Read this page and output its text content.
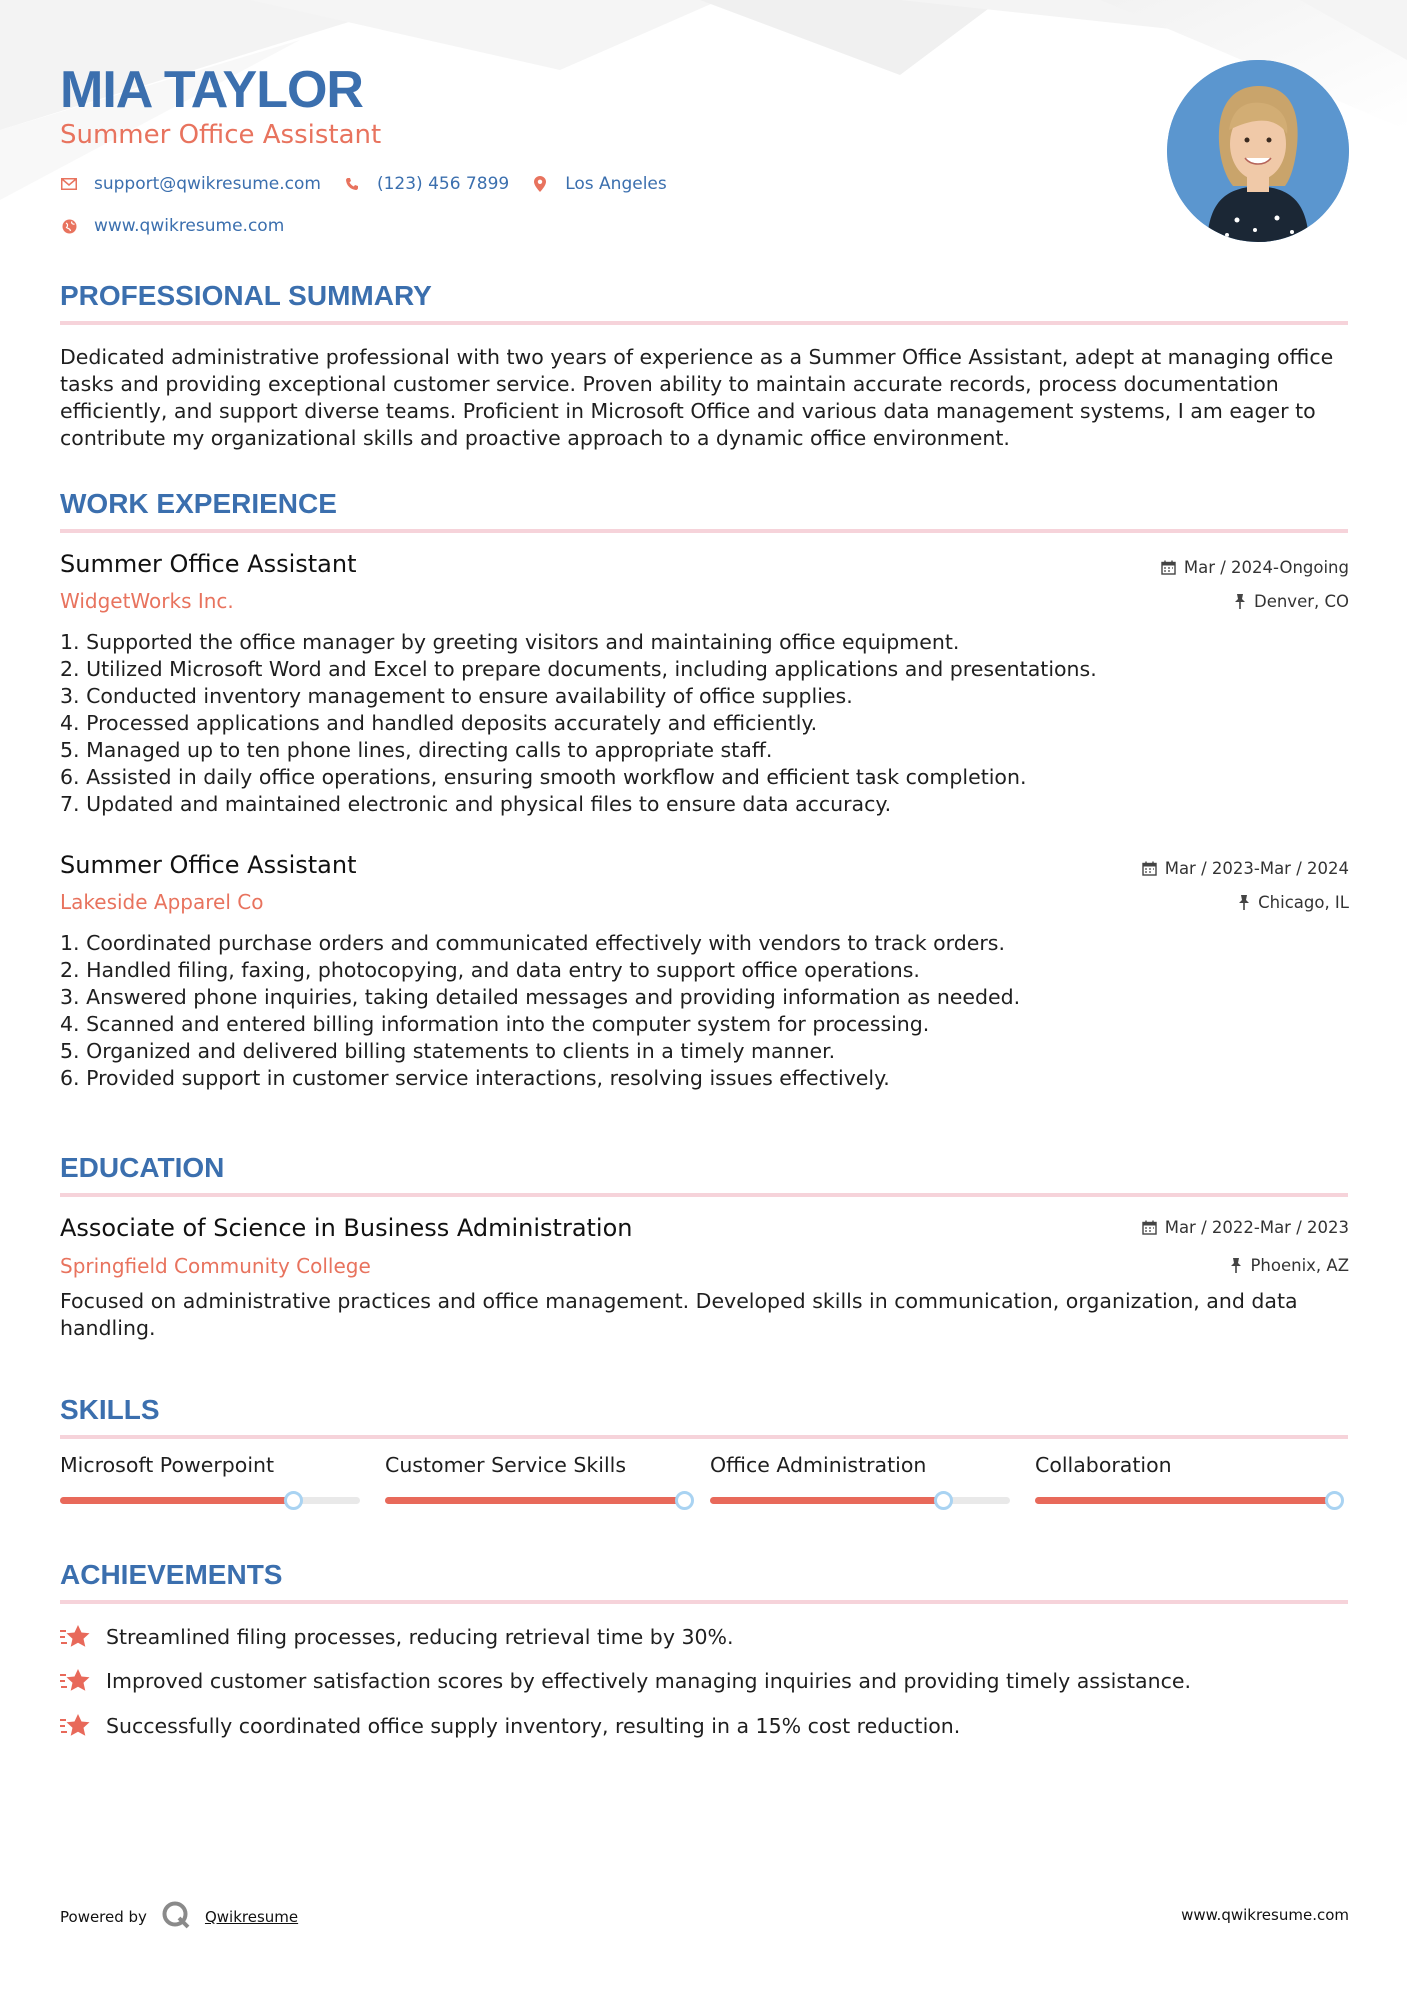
MIA TAYLOR
Summer Office Assistant
support@qwikresume.com	(123) 456 7899	Los Angeles
www.qwikresume.com
PROFESSIONAL SUMMARY
Dedicated administrative professional with two years of experience as a Summer Office Assistant, adept at managing office tasks and providing exceptional customer service. Proven ability to maintain accurate records, process documentation efficiently, and support diverse teams. Proficient in Microsoft Office and various data management systems, I am eager to contribute my organizational skills and proactive approach to a dynamic office environment.
WORK EXPERIENCE
Summer Office Assistant	Mar / 2024-Ongoing
WidgetWorks Inc.	Denver, CO
1. Supported the office manager by greeting visitors and maintaining office equipment.
2. Utilized Microsoft Word and Excel to prepare documents, including applications and presentations.
3. Conducted inventory management to ensure availability of office supplies.
4. Processed applications and handled deposits accurately and efficiently.
5. Managed up to ten phone lines, directing calls to appropriate staff.
6. Assisted in daily office operations, ensuring smooth workflow and efficient task completion.
7. Updated and maintained electronic and physical files to ensure data accuracy.
Summer Office Assistant	Mar / 2023-Mar / 2024
Lakeside Apparel Co	Chicago, IL
1. Coordinated purchase orders and communicated effectively with vendors to track orders.
2. Handled filing, faxing, photocopying, and data entry to support office operations.
3. Answered phone inquiries, taking detailed messages and providing information as needed.
4. Scanned and entered billing information into the computer system for processing.
5. Organized and delivered billing statements to clients in a timely manner.
6. Provided support in customer service interactions, resolving issues effectively.
EDUCATION
Associate of Science in Business Administration	Mar / 2022-Mar / 2023
Springfield Community College	Phoenix, AZ
Focused on administrative practices and office management. Developed skills in communication, organization, and data handling.
SKILLS
Microsoft Powerpoint	Customer Service Skills	Office Administration	Collaboration
ACHIEVEMENTS
Streamlined filing processes, reducing retrieval time by 30%.
Improved customer satisfaction scores by effectively managing inquiries and providing timely assistance.
Successfully coordinated office supply inventory, resulting in a 15% cost reduction.
Powered by	Qwikresume	www.qwikresume.com
